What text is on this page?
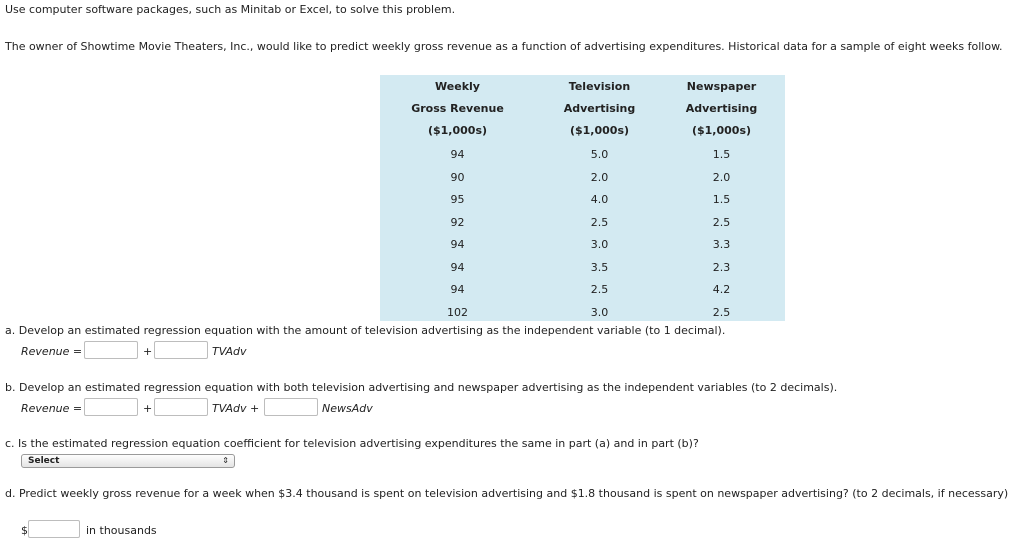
Use computer software packages, such as Minitab or Excel, to solve this problem.
The owner of Showtime Movie Theaters, Inc., would like to predict weekly gross revenue as a function of advertising expenditures. Historical data for a sample of eight weeks follow.
Weekly
Gross Revenue
($1,000s)
Television
Advertising
($1,000s)
Newspaper
Advertising
($1,000s)
94	5.0	1.5
90	2.0	2.0
95	4.0	1.5
92	2.5	2.5
94	3.0	3.3
94	3.5	2.3
94	2.5	4.2
102	3.0	2.5
a. Develop an estimated regression equation with the amount of television advertising as the independent variable (to 1 decimal).
Revenue =	+	TVAdv
b. Develop an estimated regression equation with both television advertising and newspaper advertising as the independent variables (to 2 decimals).
Revenue =	+	TVAdv +	NewsAdv
c. Is the estimated regression equation coefficient for television advertising expenditures the same in part (a) and in part (b)?
Select	⇕
d. Predict weekly gross revenue for a week when $3.4 thousand is spent on television advertising and $1.8 thousand is spent on newspaper advertising? (to 2 decimals, if necessary)
$	in thousands
